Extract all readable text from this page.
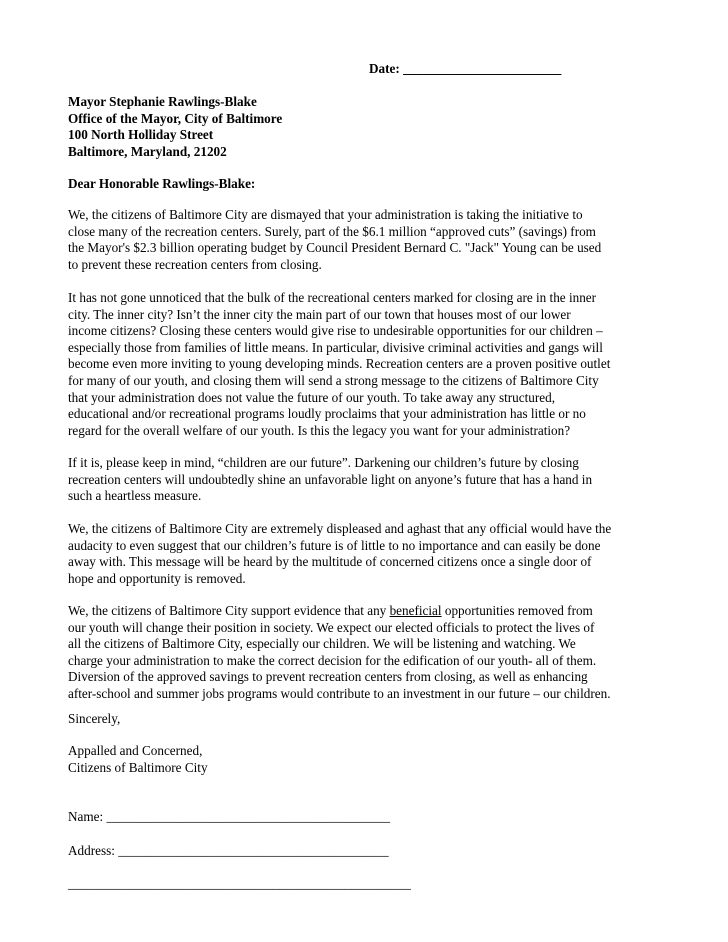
Date: ________________________
Mayor Stephanie Rawlings-Blake
Office of the Mayor, City of Baltimore
100 North Holliday Street
Baltimore, Maryland, 21202
Dear Honorable Rawlings-Blake:
We, the citizens of Baltimore City are dismayed that your administration is taking the initiative to
close many of the recreation centers. Surely, part of the $6.1 million “approved cuts” (savings) from
the Mayor's $2.3 billion operating budget by Council President Bernard C. "Jack" Young can be used
to prevent these recreation centers from closing.
It has not gone unnoticed that the bulk of the recreational centers marked for closing are in the inner
city. The inner city? Isn’t the inner city the main part of our town that houses most of our lower
income citizens? Closing these centers would give rise to undesirable opportunities for our children –
especially those from families of little means. In particular, divisive criminal activities and gangs will
become even more inviting to young developing minds. Recreation centers are a proven positive outlet
for many of our youth, and closing them will send a strong message to the citizens of Baltimore City
that your administration does not value the future of our youth. To take away any structured,
educational and/or recreational programs loudly proclaims that your administration has little or no
regard for the overall welfare of our youth. Is this the legacy you want for your administration?
If it is, please keep in mind, “children are our future”. Darkening our children’s future by closing
recreation centers will undoubtedly shine an unfavorable light on anyone’s future that has a hand in
such a heartless measure.
We, the citizens of Baltimore City are extremely displeased and aghast that any official would have the
audacity to even suggest that our children’s future is of little to no importance and can easily be done
away with. This message will be heard by the multitude of concerned citizens once a single door of
hope and opportunity is removed.
We, the citizens of Baltimore City support evidence that any beneficial opportunities removed from
our youth will change their position in society. We expect our elected officials to protect the lives of
all the citizens of Baltimore City, especially our children. We will be listening and watching. We
charge your administration to make the correct decision for the edification of our youth- all of them.
Diversion of the approved savings to prevent recreation centers from closing, as well as enhancing
after-school and summer jobs programs would contribute to an investment in our future – our children.
Sincerely,
Appalled and Concerned,
Citizens of Baltimore City
Name: ___________________________________________
Address: _________________________________________
____________________________________________________
